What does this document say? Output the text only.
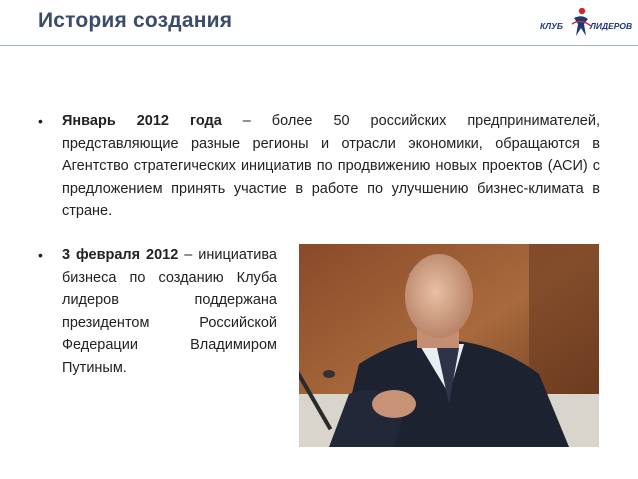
История создания	КЛУБ	ЛИДЕРОВ
• Январь 2012 года – более 50 российских предпринимателей, представляющие разные регионы и отрасли экономики, обращаются в Агентство стратегических инициатив по продвижению новых проектов (АСИ) с предложением принять участие в работе по улучшению бизнес-климата в стране.
• 3 февраля 2012 – инициатива бизнеса по созданию Клуба лидеров поддержана президентом Российской Федерации Владимиром Путиным.
